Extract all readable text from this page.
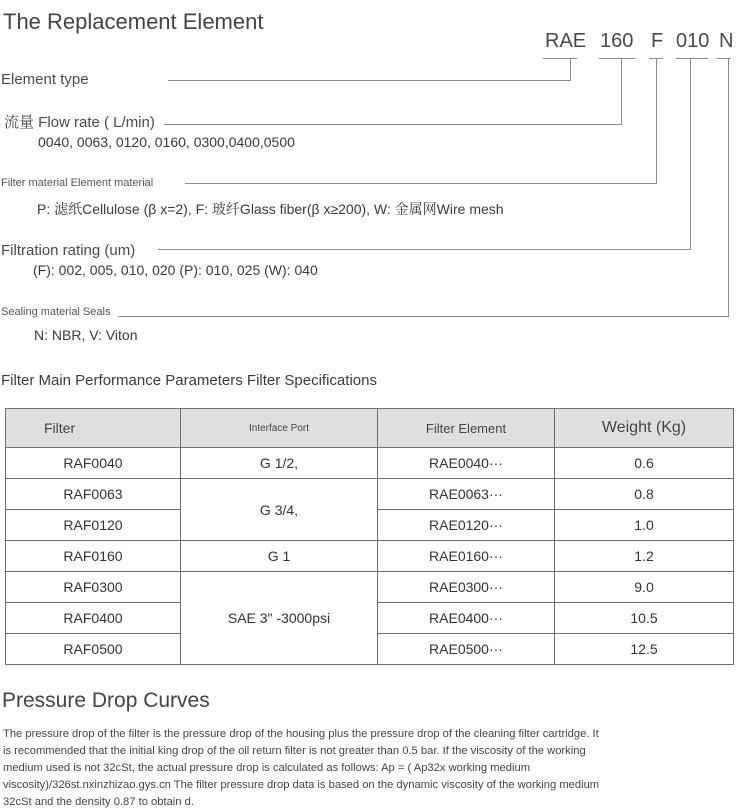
The Replacement Element
RAE 160 F 010 N
Element type
流量 Flow rate ( L/min)
0040, 0063, 0120, 0160, 0300,0400,0500
Filter material Element material
P: 滤纸Cellulose (β x=2), F: 玻纤Glass fiber(β x≥200), W: 金属网Wire mesh
Filtration rating (um)
(F): 002, 005, 010, 020 (P): 010, 025 (W): 040
Sealing material Seals
N: NBR, V: Viton
Filter Main Performance Parameters Filter Specifications
Filter	Interface Port	Filter Element	Weight (Kg)
RAF0040	G 1/2,	RAE0040···	0.6
RAF0063	G 3/4,	RAE0063···	0.8
RAF0120		RAE0120···	1.0
RAF0160	G 1	RAE0160···	1.2
RAF0300	SAE 3" -3000psi	RAE0300···	9.0
RAF0400		RAE0400···	10.5
RAF0500		RAE0500···	12.5
Pressure Drop Curves
The pressure drop of the filter is the pressure drop of the housing plus the pressure drop of the cleaning filter cartridge. It is recommended that the initial king drop of the oil return filter is not greater than 0.5 bar. If the viscosity of the working medium used is not 32cSt, the actual pressure drop is calculated as follows: Ap = ( Ap32x working medium viscosity)/326st.nxinzhizao.gys.cn The filter pressure drop data is based on the dynamic viscosity of the working medium 32cSt and the density 0.87 to obtain d.
